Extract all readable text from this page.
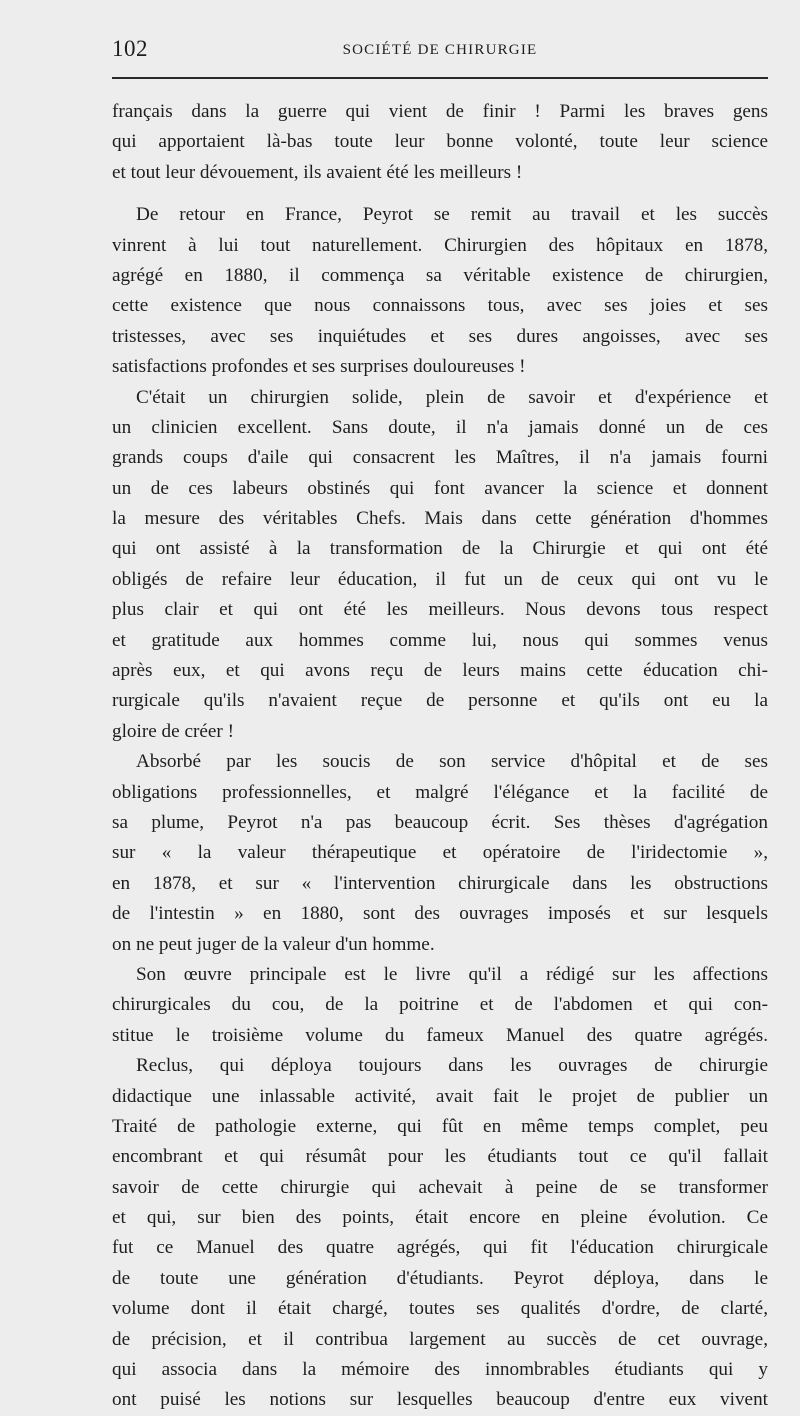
102	SOCIÉTÉ DE CHIRURGIE
français dans la guerre qui vient de finir ! Parmi les braves gens
qui apportaient là-bas toute leur bonne volonté, toute leur science
et tout leur dévouement, ils avaient été les meilleurs !
De retour en France, Peyrot se remit au travail et les succès
vinrent à lui tout naturellement. Chirurgien des hôpitaux en 1878,
agrégé en 1880, il commença sa véritable existence de chirurgien,
cette existence que nous connaissons tous, avec ses joies et ses
tristesses, avec ses inquiétudes et ses dures angoisses, avec ses
satisfactions profondes et ses surprises douloureuses !
C'était un chirurgien solide, plein de savoir et d'expérience et
un clinicien excellent. Sans doute, il n'a jamais donné un de ces
grands coups d'aile qui consacrent les Maîtres, il n'a jamais fourni
un de ces labeurs obstinés qui font avancer la science et donnent
la mesure des véritables Chefs. Mais dans cette génération d'hommes
qui ont assisté à la transformation de la Chirurgie et qui ont été
obligés de refaire leur éducation, il fut un de ceux qui ont vu le
plus clair et qui ont été les meilleurs. Nous devons tous respect
et gratitude aux hommes comme lui, nous qui sommes venus
après eux, et qui avons reçu de leurs mains cette éducation chi-
rurgicale qu'ils n'avaient reçue de personne et qu'ils ont eu la
gloire de créer !
Absorbé par les soucis de son service d'hôpital et de ses
obligations professionnelles, et malgré l'élégance et la facilité de
sa plume, Peyrot n'a pas beaucoup écrit. Ses thèses d'agrégation
sur « la valeur thérapeutique et opératoire de l'iridectomie »,
en 1878, et sur « l'intervention chirurgicale dans les obstructions
de l'intestin » en 1880, sont des ouvrages imposés et sur lesquels
on ne peut juger de la valeur d'un homme.
Son œuvre principale est le livre qu'il a rédigé sur les affections
chirurgicales du cou, de la poitrine et de l'abdomen et qui con-
stitue le troisième volume du fameux Manuel des quatre agrégés.
Reclus, qui déploya toujours dans les ouvrages de chirurgie
didactique une inlassable activité, avait fait le projet de publier un
Traité de pathologie externe, qui fût en même temps complet, peu
encombrant et qui résumât pour les étudiants tout ce qu'il fallait
savoir de cette chirurgie qui achevait à peine de se transformer
et qui, sur bien des points, était encore en pleine évolution. Ce
fut ce Manuel des quatre agrégés, qui fit l'éducation chirurgicale
de toute une génération d'étudiants. Peyrot déploya, dans le
volume dont il était chargé, toutes ses qualités d'ordre, de clarté,
de précision, et il contribua largement au succès de cet ouvrage,
qui associa dans la mémoire des innombrables étudiants qui y
ont puisé les notions sur lesquelles beaucoup d'entre eux vivent
